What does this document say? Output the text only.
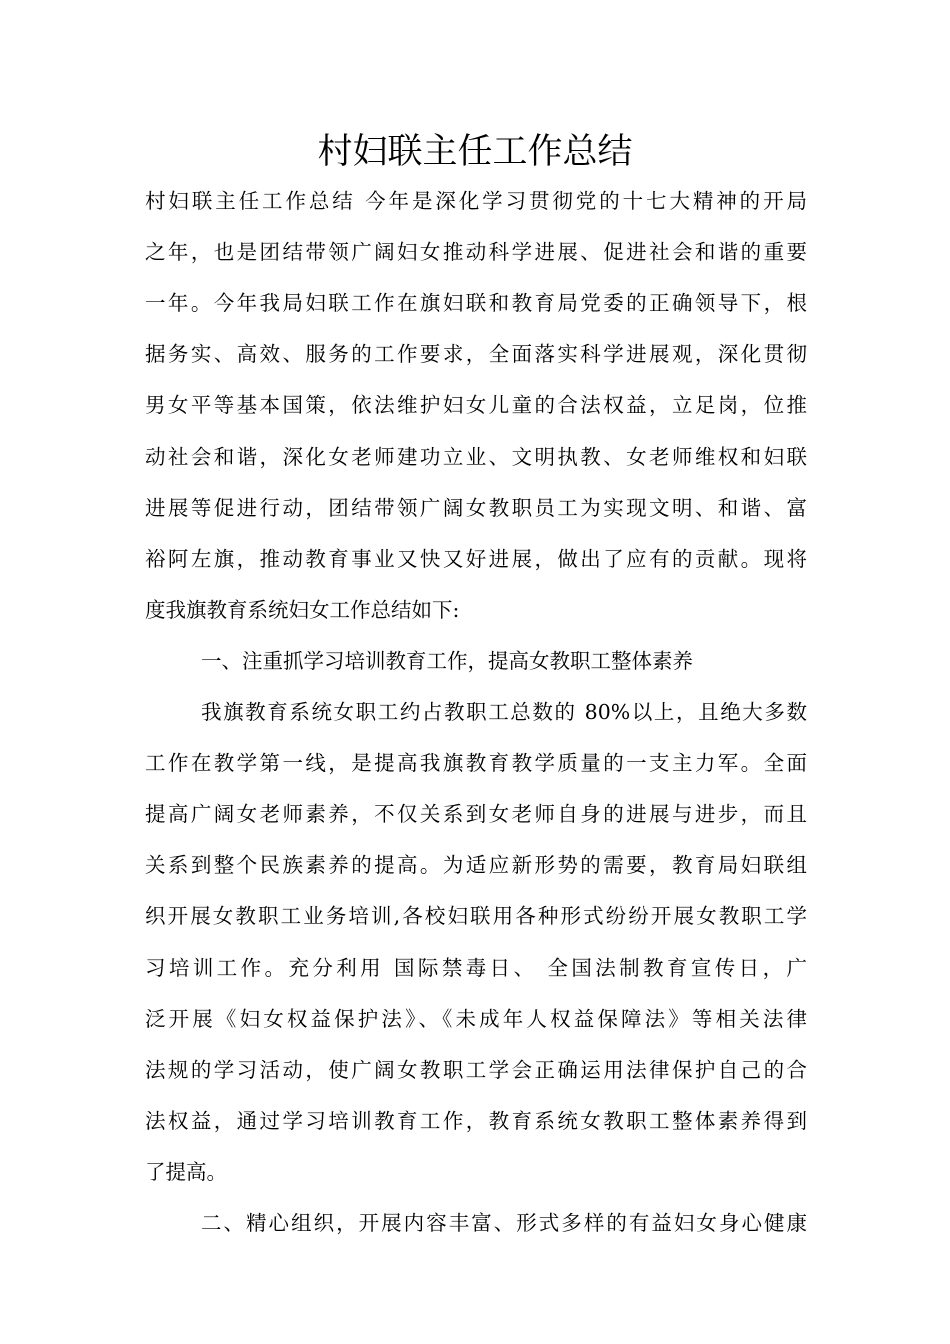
村妇联主任工作总结

村妇联主任工作总结 今年是深化学习贯彻党的十七大精神的开局

之年，也是团结带领广阔妇女推动科学进展、促进社会和谐的重要

一年。今年我局妇联工作在旗妇联和教育局党委的正确领导下，根

据务实、高效、服务的工作要求，全面落实科学进展观，深化贯彻

男女平等基本国策，依法维护妇女儿童的合法权益，立足岗，位推

动社会和谐，深化女老师建功立业、文明执教、女老师维权和妇联

进展等促进行动，团结带领广阔女教职员工为实现文明、和谐、富

裕阿左旗，推动教育事业又快又好进展，做出了应有的贡献。现将

度我旗教育系统妇女工作总结如下:

一、注重抓学习培训教育工作，提高女教职工整体素养

我旗教育系统女职工约占教职工总数的 80%以上，且绝大多数

工作在教学第一线，是提高我旗教育教学质量的一支主力军。全面

提高广阔女老师素养，不仅关系到女老师自身的进展与进步，而且

关系到整个民族素养的提高。为适应新形势的需要，教育局妇联组

织开展女教职工业务培训,各校妇联用各种形式纷纷开展女教职工学

习培训工作。充分利用 国际禁毒日、 全国法制教育宣传日，广

泛开展《妇女权益保护法》、《未成年人权益保障法》等相关法律

法规的学习活动，使广阔女教职工学会正确运用法律保护自己的合

法权益，通过学习培训教育工作，教育系统女教职工整体素养得到

了提高。

二、精心组织，开展内容丰富、形式多样的有益妇女身心健康
